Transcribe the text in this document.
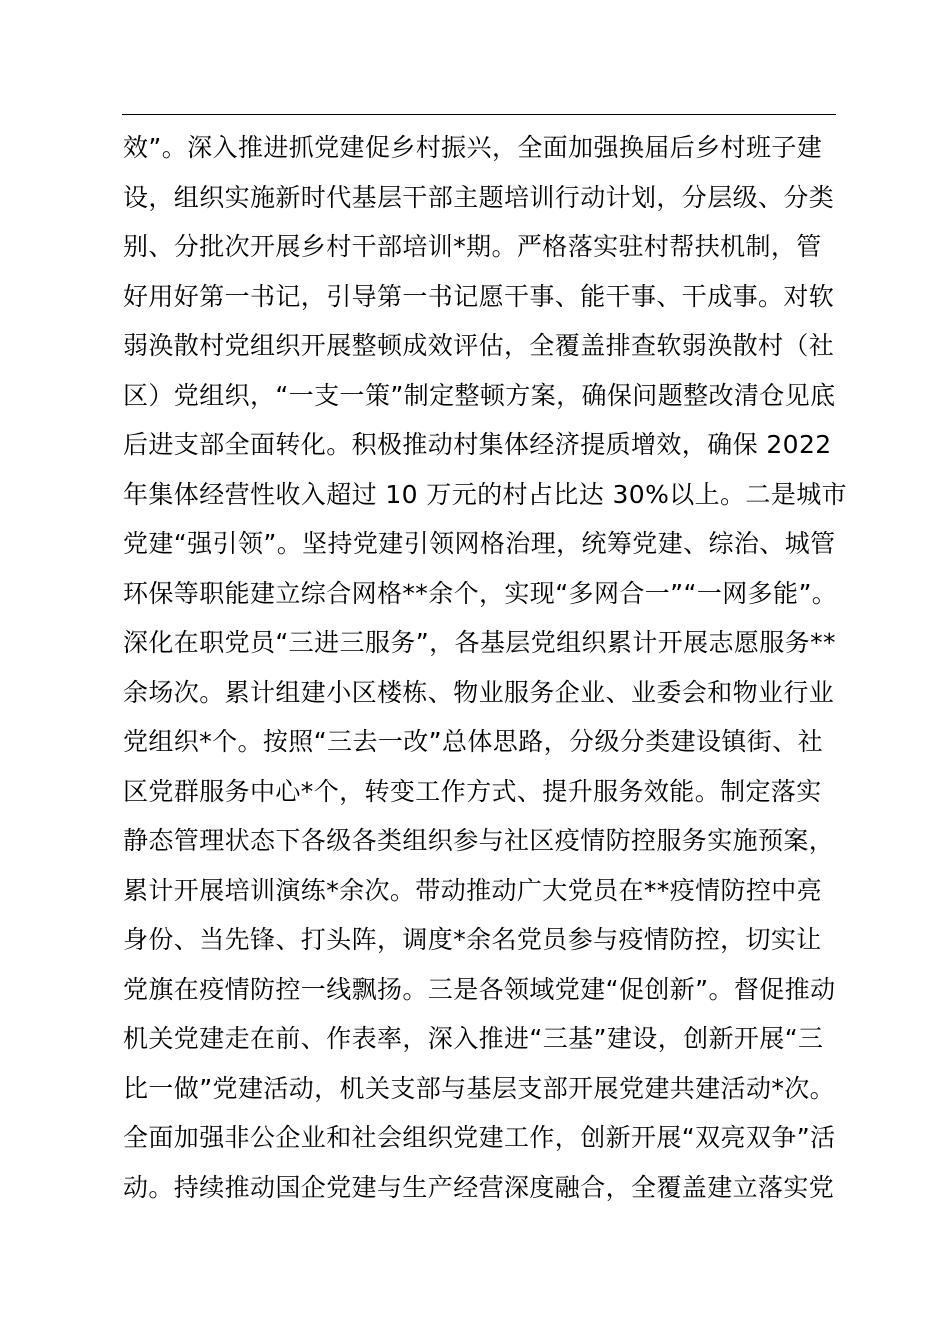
效”。深入推进抓党建促乡村振兴，全面加强换届后乡村班子建
设，组织实施新时代基层干部主题培训行动计划，分层级、分类
别、分批次开展乡村干部培训*期。严格落实驻村帮扶机制，管
好用好第一书记，引导第一书记愿干事、能干事、干成事。对软
弱涣散村党组织开展整顿成效评估，全覆盖排查软弱涣散村（社
区）党组织，“一支一策”制定整顿方案，确保问题整改清仓见底
后进支部全面转化。积极推动村集体经济提质增效，确保 2022
年集体经营性收入超过 10 万元的村占比达 30%以上。二是城市
党建“强引领”。坚持党建引领网格治理，统筹党建、综治、城管
环保等职能建立综合网格**余个，实现“多网合一”“一网多能”。
深化在职党员“三进三服务”，各基层党组织累计开展志愿服务**
余场次。累计组建小区楼栋、物业服务企业、业委会和物业行业
党组织*个。按照“三去一改”总体思路，分级分类建设镇街、社
区党群服务中心*个，转变工作方式、提升服务效能。制定落实
静态管理状态下各级各类组织参与社区疫情防控服务实施预案，
累计开展培训演练*余次。带动推动广大党员在**疫情防控中亮
身份、当先锋、打头阵，调度*余名党员参与疫情防控，切实让
党旗在疫情防控一线飘扬。三是各领域党建“促创新”。督促推动
机关党建走在前、作表率，深入推进“三基”建设，创新开展“三
比一做”党建活动，机关支部与基层支部开展党建共建活动*次。
全面加强非公企业和社会组织党建工作，创新开展“双亮双争”活
动。持续推动国企党建与生产经营深度融合，全覆盖建立落实党
